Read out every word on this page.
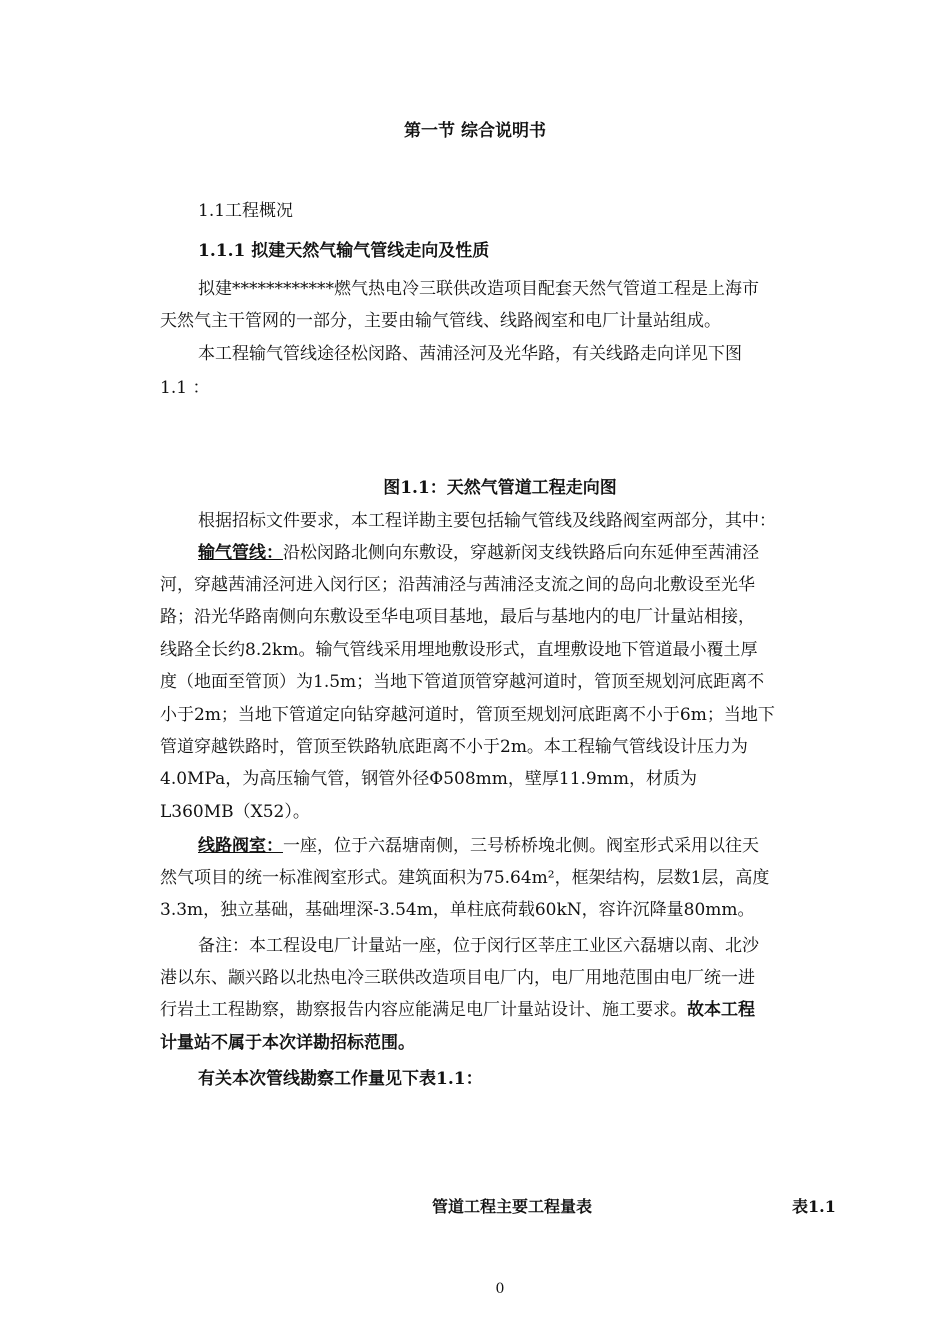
第一节 综合说明书
1.1工程概况
1.1.1 拟建天然气输气管线走向及性质
拟建************燃气热电冷三联供改造项目配套天然气管道工程是上海市
天然气主干管网的一部分，主要由输气管线、线路阀室和电厂计量站组成。
本工程输气管线途径松闵路、茜浦泾河及光华路，有关线路走向详见下图
1.1 ：
图1.1：天然气管道工程走向图
根据招标文件要求，本工程详勘主要包括输气管线及线路阀室两部分，其中：
输气管线：沿松闵路北侧向东敷设，穿越新闵支线铁路后向东延伸至茜浦泾
河，穿越茜浦泾河进入闵行区；沿茜浦泾与茜浦泾支流之间的岛向北敷设至光华
路；沿光华路南侧向东敷设至华电项目基地，最后与基地内的电厂计量站相接，
线路全长约8.2km。输气管线采用埋地敷设形式，直埋敷设地下管道最小覆土厚
度（地面至管顶）为1.5m；当地下管道顶管穿越河道时，管顶至规划河底距离不
小于2m；当地下管道定向钻穿越河道时，管顶至规划河底距离不小于6m；当地下
管道穿越铁路时，管顶至铁路轨底距离不小于2m。本工程输气管线设计压力为
4.0MPa，为高压输气管，钢管外径Φ508mm，壁厚11.9mm，材质为
L360MB（X52）。
线路阀室：一座，位于六磊塘南侧，三号桥桥堍北侧。阀室形式采用以往天
然气项目的统一标准阀室形式。建筑面积为75.64m²，框架结构，层数1层，高度
3.3m，独立基础，基础埋深-3.54m，单柱底荷载60kN，容许沉降量80mm。
备注：本工程设电厂计量站一座，位于闵行区莘庄工业区六磊塘以南、北沙
港以东、颛兴路以北热电冷三联供改造项目电厂内，电厂用地范围由电厂统一进
行岩土工程勘察，勘察报告内容应能满足电厂计量站设计、施工要求。故本工程
计量站不属于本次详勘招标范围。
有关本次管线勘察工作量见下表1.1：
管道工程主要工程量表	表1.1
0
